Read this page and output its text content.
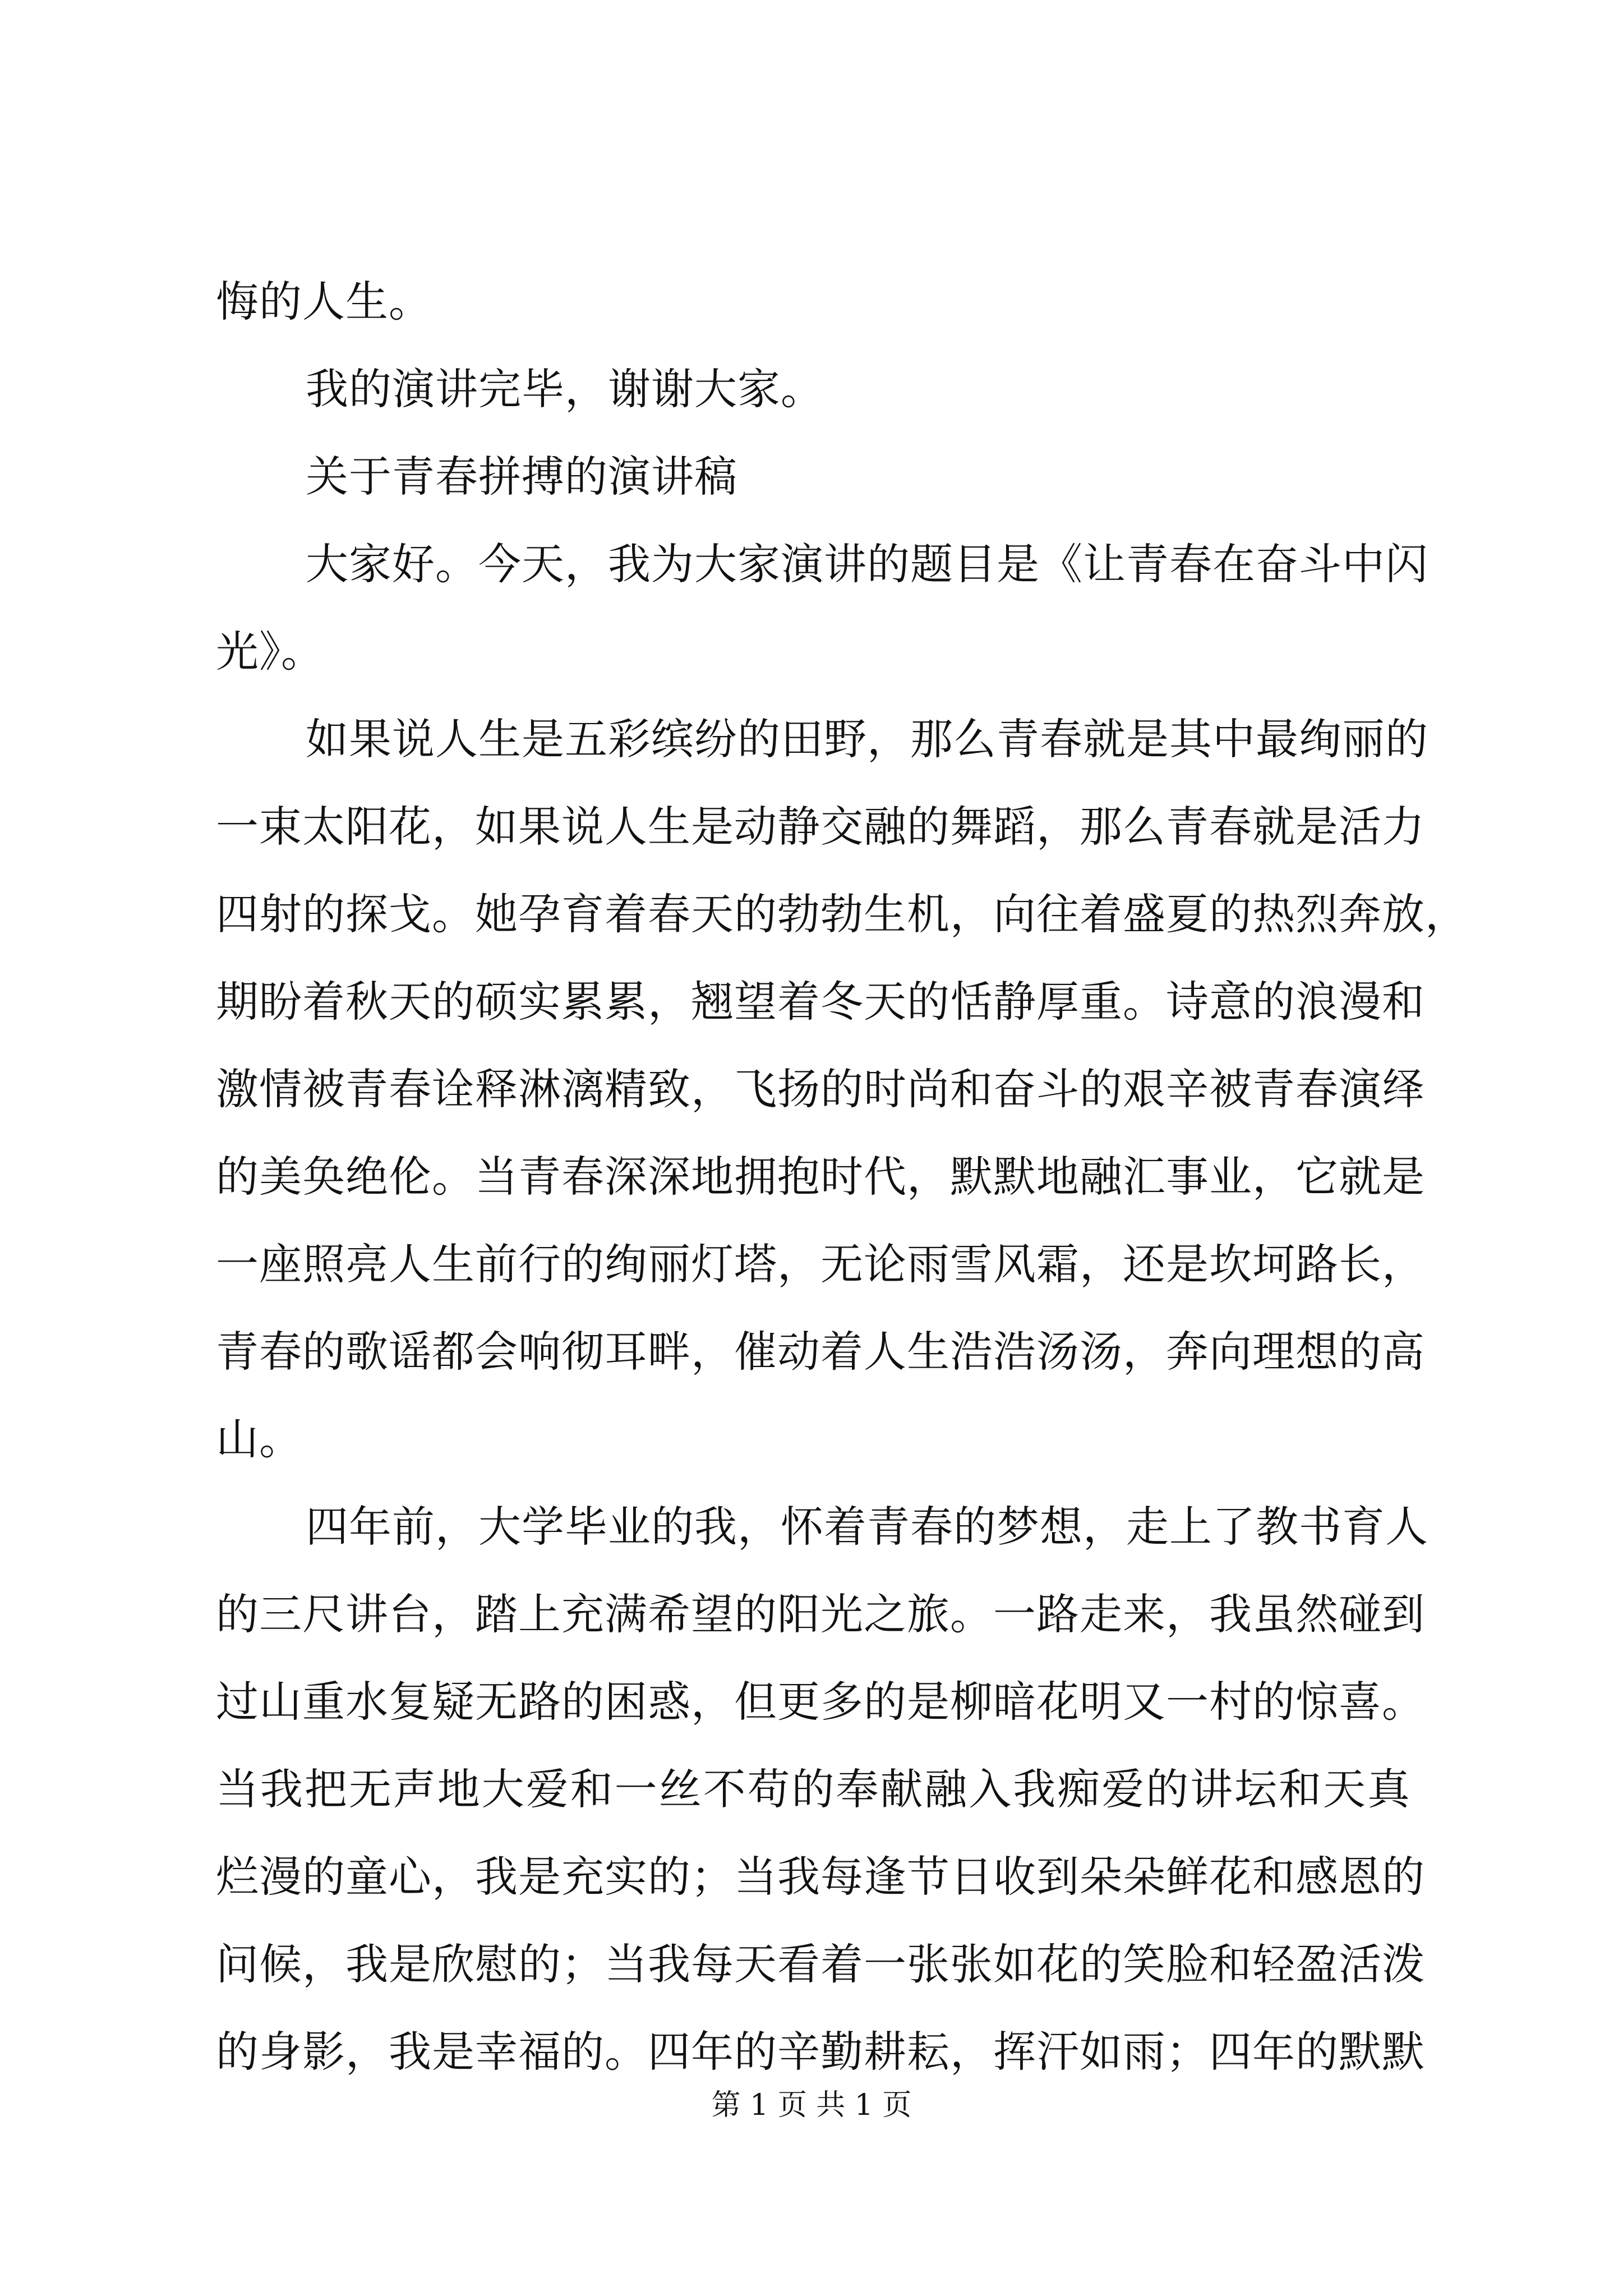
悔的人生。

我的演讲完毕，谢谢大家。

关于青春拼搏的演讲稿

大家好。今天，我为大家演讲的题目是《让青春在奋斗中闪
光》。

如果说人生是五彩缤纷的田野，那么青春就是其中最绚丽的
一束太阳花，如果说人生是动静交融的舞蹈，那么青春就是活力
四射的探戈。她孕育着春天的勃勃生机，向往着盛夏的热烈奔放，
期盼着秋天的硕实累累，翘望着冬天的恬静厚重。诗意的浪漫和
激情被青春诠释淋漓精致，飞扬的时尚和奋斗的艰辛被青春演绎
的美奂绝伦。当青春深深地拥抱时代，默默地融汇事业，它就是
一座照亮人生前行的绚丽灯塔，无论雨雪风霜，还是坎坷路长，
青春的歌谣都会响彻耳畔，催动着人生浩浩汤汤，奔向理想的高
山。

四年前，大学毕业的我，怀着青春的梦想，走上了教书育人
的三尺讲台，踏上充满希望的阳光之旅。一路走来，我虽然碰到
过山重水复疑无路的困惑，但更多的是柳暗花明又一村的惊喜。
当我把无声地大爱和一丝不苟的奉献融入我痴爱的讲坛和天真
烂漫的童心，我是充实的；当我每逢节日收到朵朵鲜花和感恩的
问候，我是欣慰的；当我每天看着一张张如花的笑脸和轻盈活泼
的身影，我是幸福的。四年的辛勤耕耘，挥汗如雨；四年的默默

第 1 页 共 1 页
